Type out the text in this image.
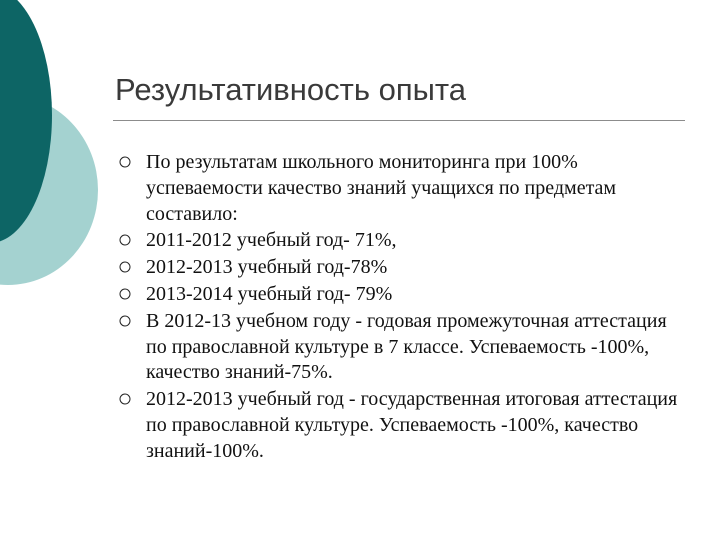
Результативность опыта
По результатам школьного мониторинга при 100% успеваемости качество знаний учащихся по предметам составило:
2011-2012 учебный год- 71%,
2012-2013 учебный год-78%
2013-2014 учебный год- 79%
В 2012-13 учебном году - годовая промежуточная аттестация по православной культуре в 7 классе. Успеваемость -100%, качество знаний-75%.
2012-2013 учебный год - государственная итоговая аттестация по православной культуре. Успеваемость -100%, качество знаний-100%.
